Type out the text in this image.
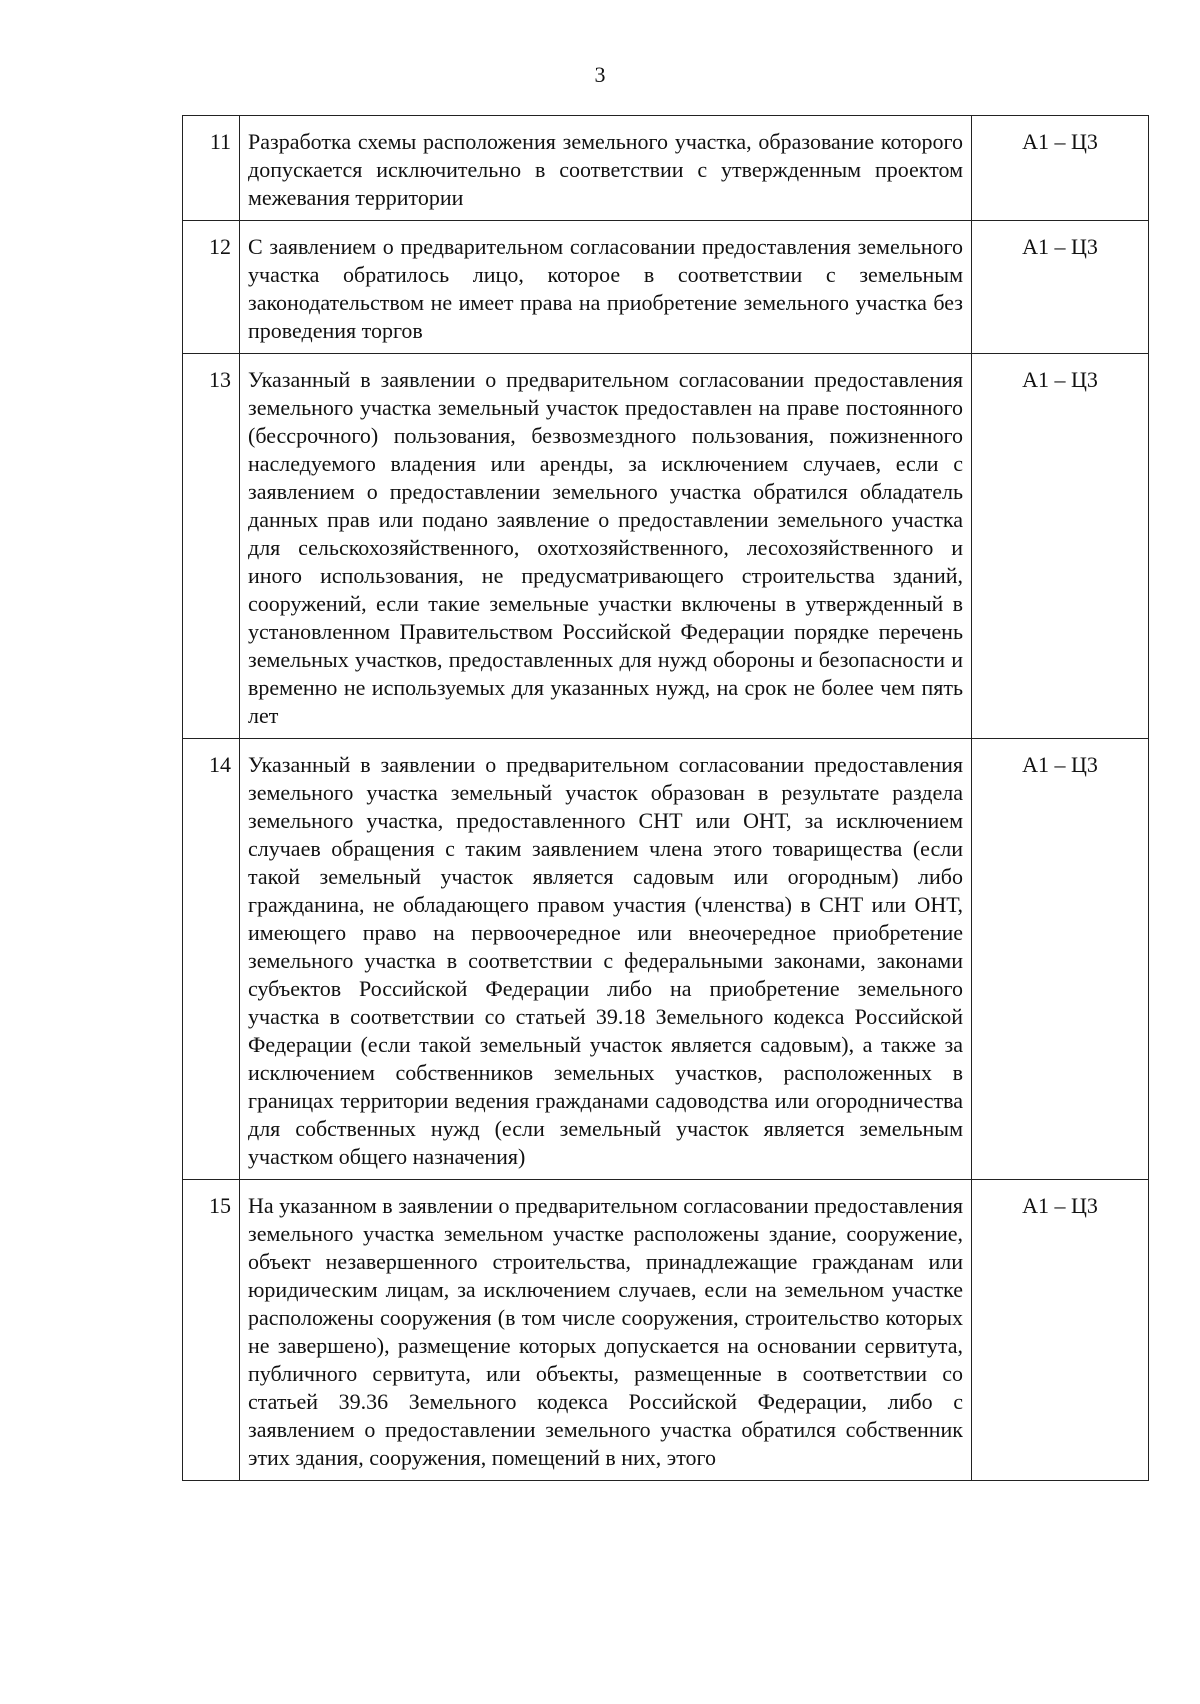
3
11	Разработка схемы расположения земельного участка, образование которого допускается исключительно в соответствии с утвержденным проектом межевания территории	А1 – Ц3
12	С заявлением о предварительном согласовании предоставления земельного участка обратилось лицо, которое в соответствии с земельным законодательством не имеет права на приобретение земельного участка без проведения торгов	А1 – Ц3
13	Указанный в заявлении о предварительном согласовании предоставления земельного участка земельный участок предоставлен на праве постоянного (бессрочного) пользования, безвозмездного пользования, пожизненного наследуемого владения или аренды, за исключением случаев, если с заявлением о предоставлении земельного участка обратился обладатель данных прав или подано заявление о предоставлении земельного участка для сельскохозяйственного, охотхозяйственного, лесохозяйственного и иного использования, не предусматривающего строительства зданий, сооружений, если такие земельные участки включены в утвержденный в установленном Правительством Российской Федерации порядке перечень земельных участков, предоставленных для нужд обороны и безопасности и временно не используемых для указанных нужд, на срок не более чем пять лет	А1 – Ц3
14	Указанный в заявлении о предварительном согласовании предоставления земельного участка земельный участок образован в результате раздела земельного участка, предоставленного СНТ или ОНТ, за исключением случаев обращения с таким заявлением члена этого товарищества (если такой земельный участок является садовым или огородным) либо гражданина, не обладающего правом участия (членства) в СНТ или ОНТ, имеющего право на первоочередное или внеочередное приобретение земельного участка в соответствии с федеральными законами, законами субъектов Российской Федерации либо на приобретение земельного участка в соответствии со статьей 39.18 Земельного кодекса Российской Федерации (если такой земельный участок является садовым), а также за исключением собственников земельных участков, расположенных в границах территории ведения гражданами садоводства или огородничества для собственных нужд (если земельный участок является земельным участком общего назначения)	А1 – Ц3
15	На указанном в заявлении о предварительном согласовании предоставления земельного участка земельном участке расположены здание, сооружение, объект незавершенного строительства, принадлежащие гражданам или юридическим лицам, за исключением случаев, если на земельном участке расположены сооружения (в том числе сооружения, строительство которых не завершено), размещение которых допускается на основании сервитута, публичного сервитута, или объекты, размещенные в соответствии со статьей 39.36 Земельного кодекса Российской Федерации, либо с заявлением о предоставлении земельного участка обратился собственник этих здания, сооружения, помещений в них, этого	А1 – Ц3
